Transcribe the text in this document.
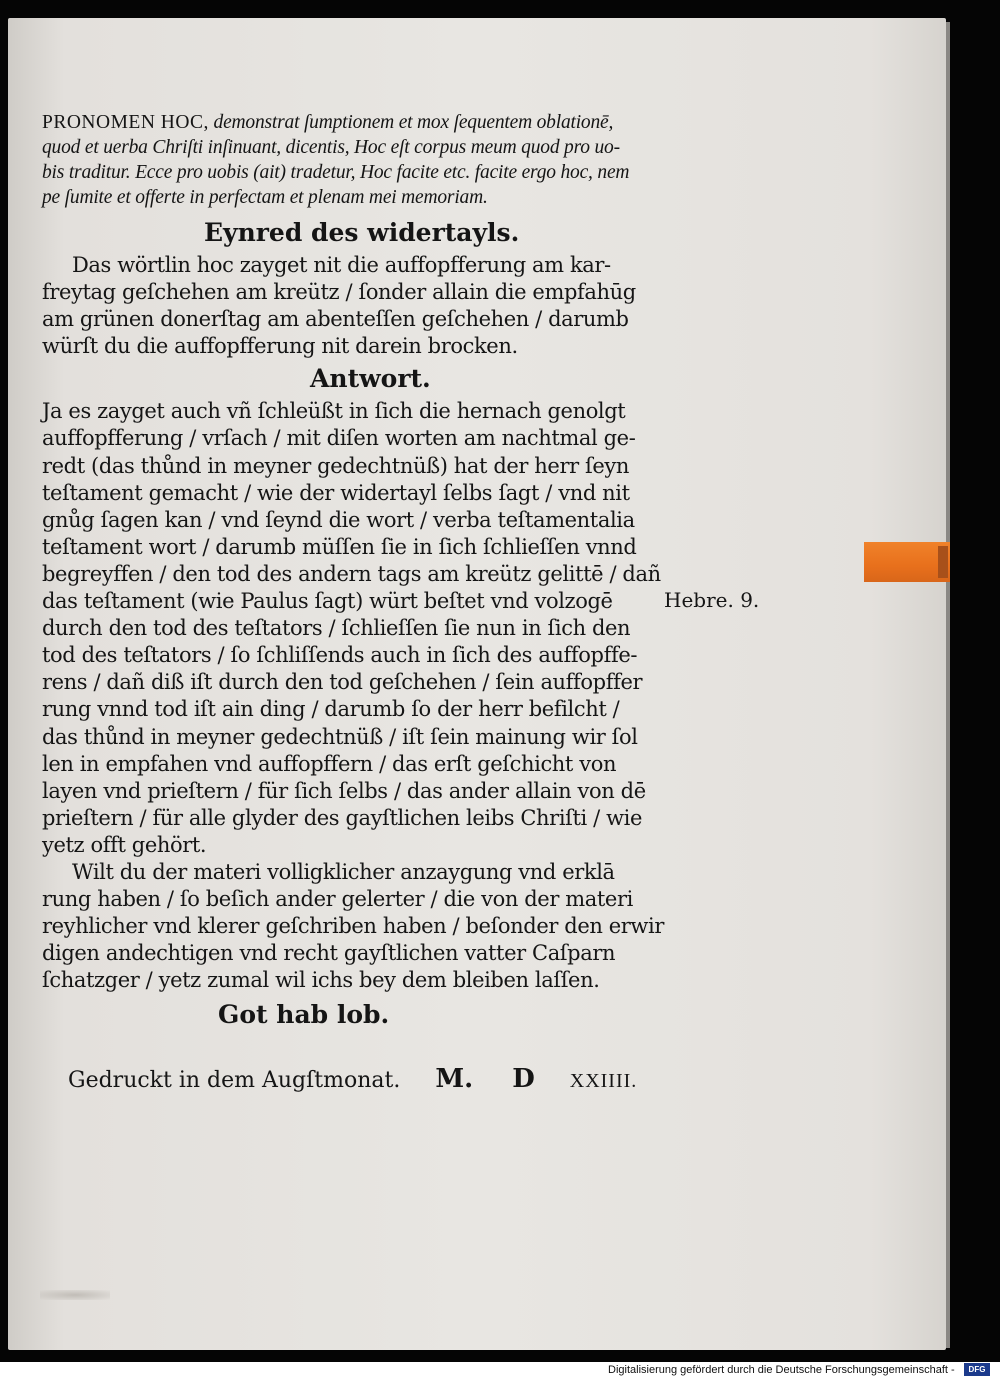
PRONOMEN HOC, demonstrat ſumptionem et mox ſequentem oblationē,
quod et uerba Chriſti inſinuant, dicentis, Hoc eſt corpus meum quod pro uo-
bis traditur. Ecce pro uobis (ait) tradetur, Hoc facite etc. facite ergo hoc, nem
pe ſumite et offerte in perfectam et plenam mei memoriam.
Eynred des widertayls.
Das wörtlin hoc zayget nit die auffopfferung am kar-
freytag geſchehen am kreütz / ſonder allain die empfahūg
am grünen donerſtag am abenteſſen geſchehen / darumb
würſt du die auffopfferung nit darein brocken.
Antwort.
Ja es zayget auch vñ ſchleüßt in ſich die hernach genolgt
auffopfferung / vrſach / mit diſen worten am nachtmal ge-
redt (das thůnd in meyner gedechtnüß) hat der herr ſeyn
teſtament gemacht / wie der widertayl ſelbs ſagt / vnd nit
gnůg ſagen kan / vnd ſeynd die wort / verba teſtamentalia
teſtament wort / darumb müſſen ſie in ſich ſchlieſſen vnnd
begreyffen / den tod des andern tags am kreütz gelittē / dañ
das teſtament (wie Paulus ſagt) würt beſtet vnd volzogē
durch den tod des teſtators / ſchlieſſen ſie nun in ſich den
tod des teſtators / ſo ſchliſſends auch in ſich des auffopffe-
rens / dañ diß iſt durch den tod geſchehen / ſein auffopffer
rung vnnd tod iſt ain ding / darumb ſo der herr befilcht /
das thůnd in meyner gedechtnüß / iſt ſein mainung wir ſol
len in empfahen vnd auffopffern / das erſt geſchicht von
layen vnd prieſtern / für ſich ſelbs / das ander allain von dē
prieſtern / für alle glyder des gayſtlichen leibs Chriſti / wie
yetz offt gehört.
Wilt du der materi volligklicher anzaygung vnd erklā
rung haben / ſo beſich ander gelerter / die von der materi
reyhlicher vnd klerer geſchriben haben / beſonder den erwir
digen andechtigen vnd recht gayſtlichen vatter Caſparn
ſchatzger / yetz zumal wil ichs bey dem bleiben laſſen.
Got hab lob.
Hebre. 9.
Gedruckt in dem Augſtmonat. M. D XXIIII.
Digitalisierung gefördert durch die Deutsche Forschungsgemeinschaft -	DFG
